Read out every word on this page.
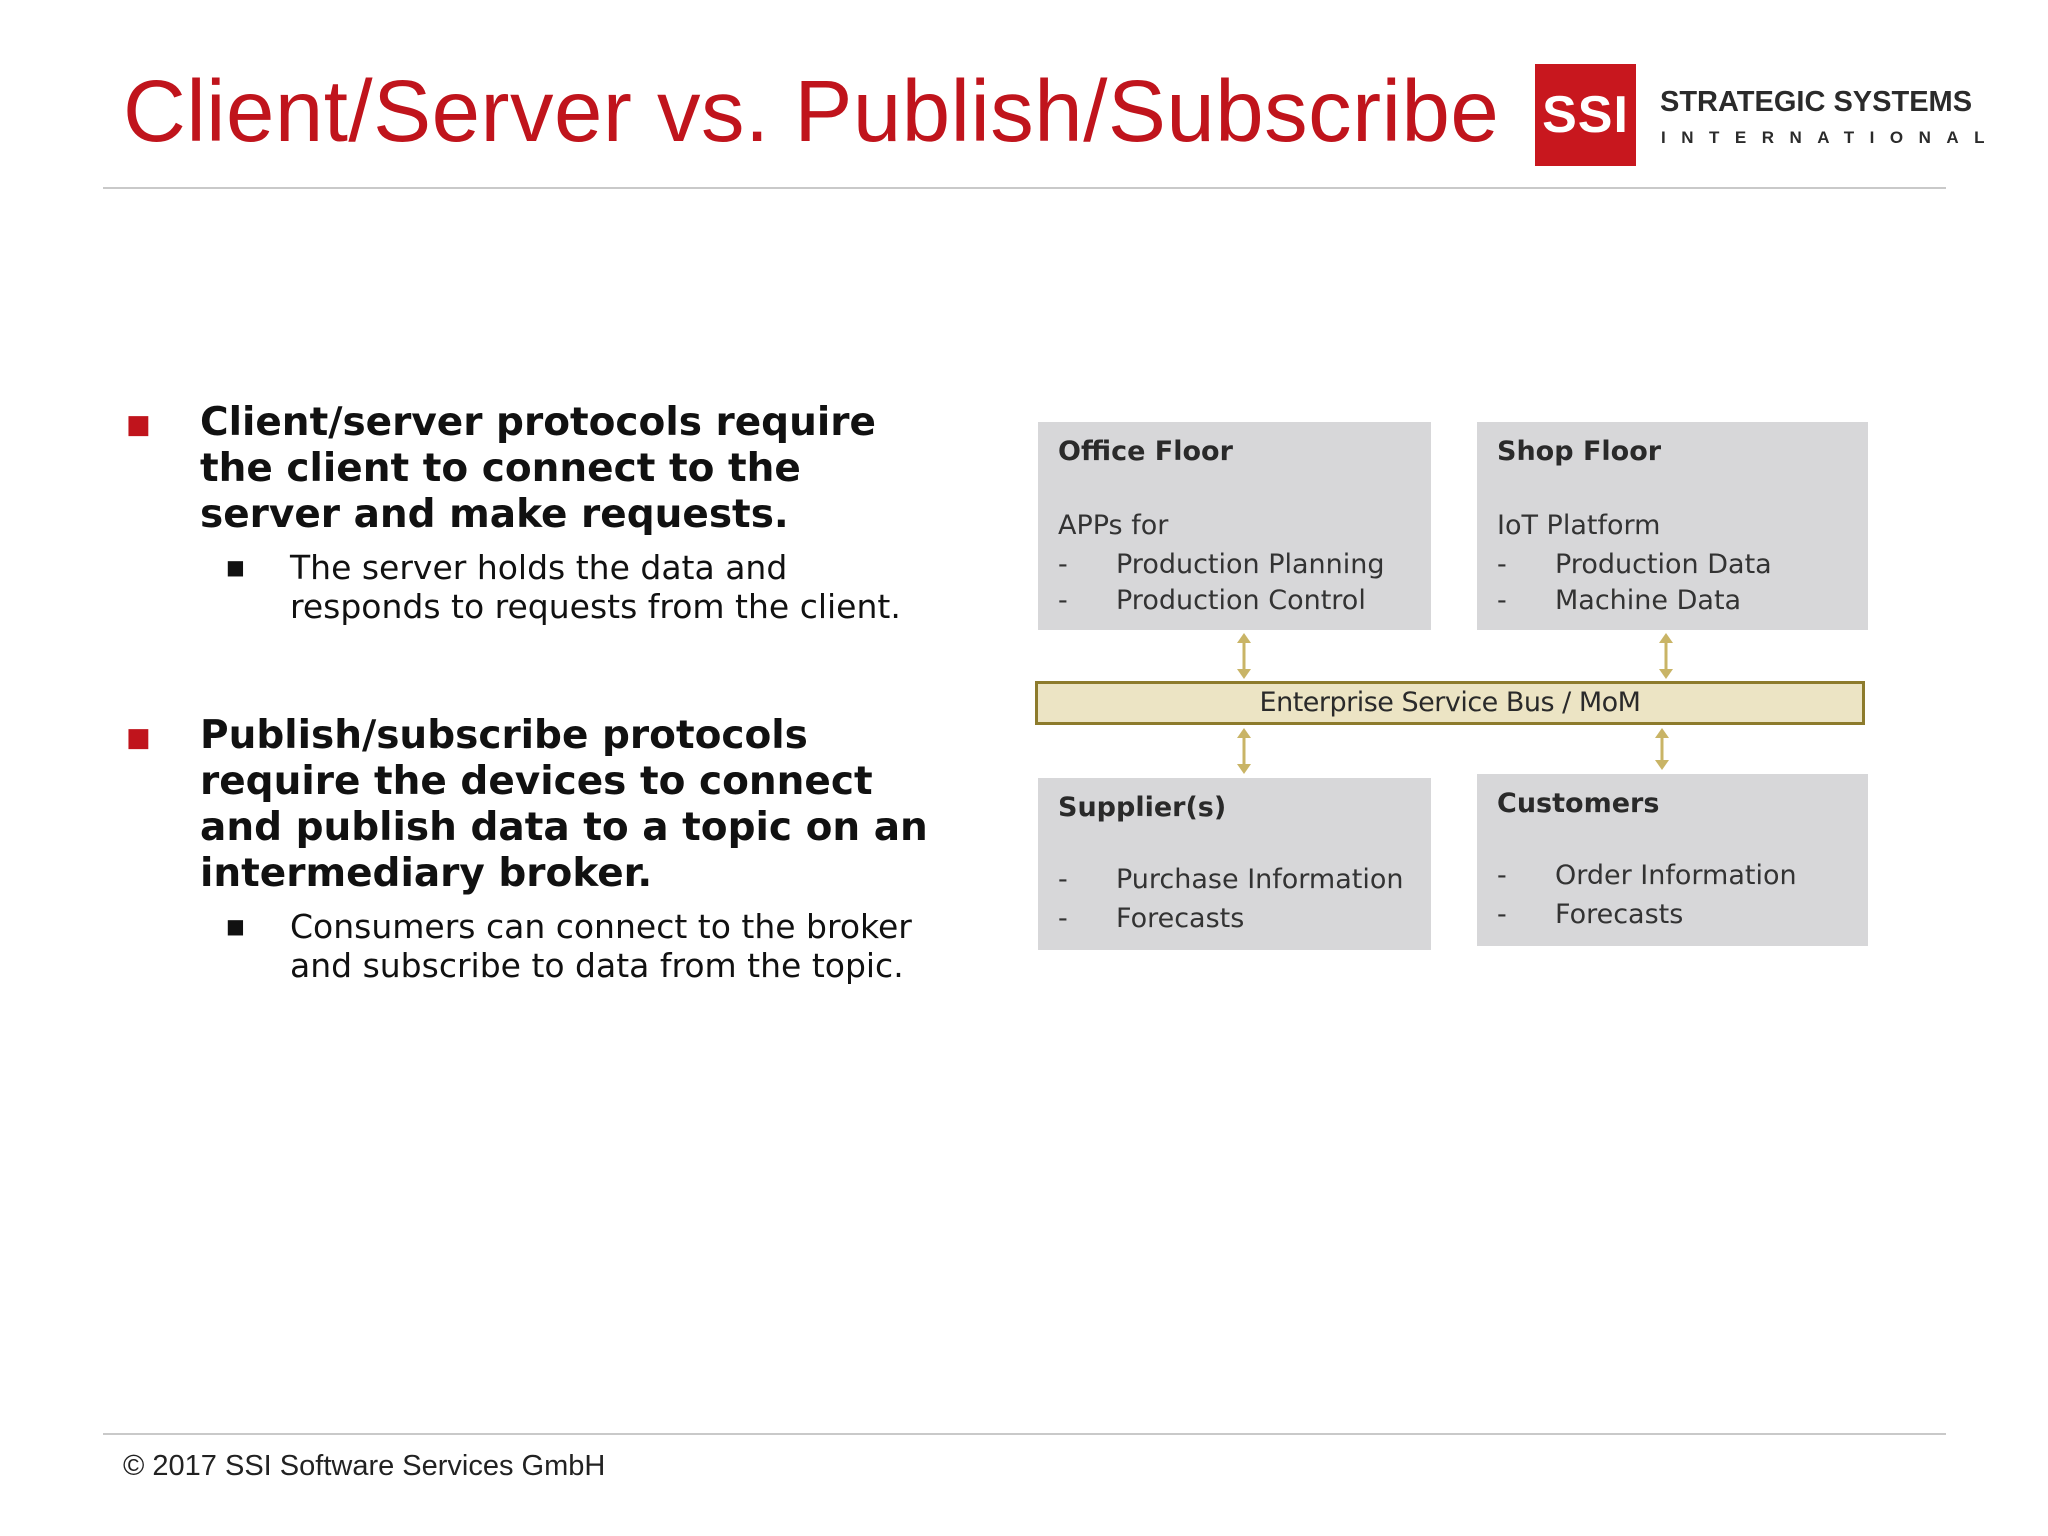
Client/Server vs. Publish/Subscribe SSI STRATEGIC SYSTEMS
INTERNATIONAL
■ Client/server protocols require the client to connect to the server and make requests.
■ The server holds the data and responds to requests from the client.
■ Publish/subscribe protocols require the devices to connect and publish data to a topic on an intermediary broker.
■ Consumers can connect to the broker and subscribe to data from the topic.
Office Floor
APPs for
- Production Planning
- Production Control
Shop Floor
IoT Platform
- Production Data
- Machine Data
Enterprise Service Bus / MoM
Supplier(s)
- Purchase Information
- Forecasts
Customers
- Order Information
- Forecasts
© 2017 SSI Software Services GmbH
